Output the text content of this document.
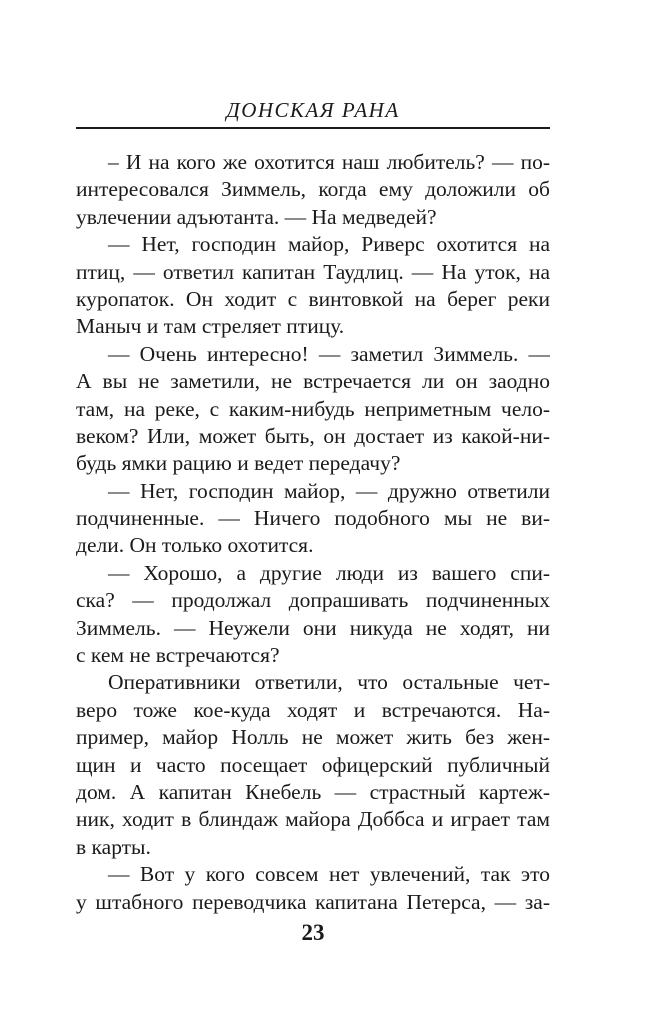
ДОНСКАЯ РАНА
– И на кого же охотится наш любитель? — по-
интересовался Зиммель, когда ему доложили об
увлечении адъютанта. — На медведей?
— Нет, господин майор, Риверс охотится на
птиц, — ответил капитан Таудлиц. — На уток, на
куропаток. Он ходит с винтовкой на берег реки
Маныч и там стреляет птицу.
— Очень интересно! — заметил Зиммель. —
А вы не заметили, не встречается ли он заодно
там, на реке, с каким-нибудь неприметным чело-
веком? Или, может быть, он достает из какой-ни-
будь ямки рацию и ведет передачу?
— Нет, господин майор, — дружно ответили
подчиненные. — Ничего подобного мы не ви-
дели. Он только охотится.
— Хорошо, а другие люди из вашего спи-
ска? — продолжал допрашивать подчиненных
Зиммель. — Неужели они никуда не ходят, ни
с кем не встречаются?
Оперативники ответили, что остальные чет-
веро тоже кое-куда ходят и встречаются. На-
пример, майор Нолль не может жить без жен-
щин и часто посещает офицерский публичный
дом. А капитан Кнебель — страстный картеж-
ник, ходит в блиндаж майора Доббса и играет там
в карты.
— Вот у кого совсем нет увлечений, так это
у штабного переводчика капитана Петерса, — за-
23
